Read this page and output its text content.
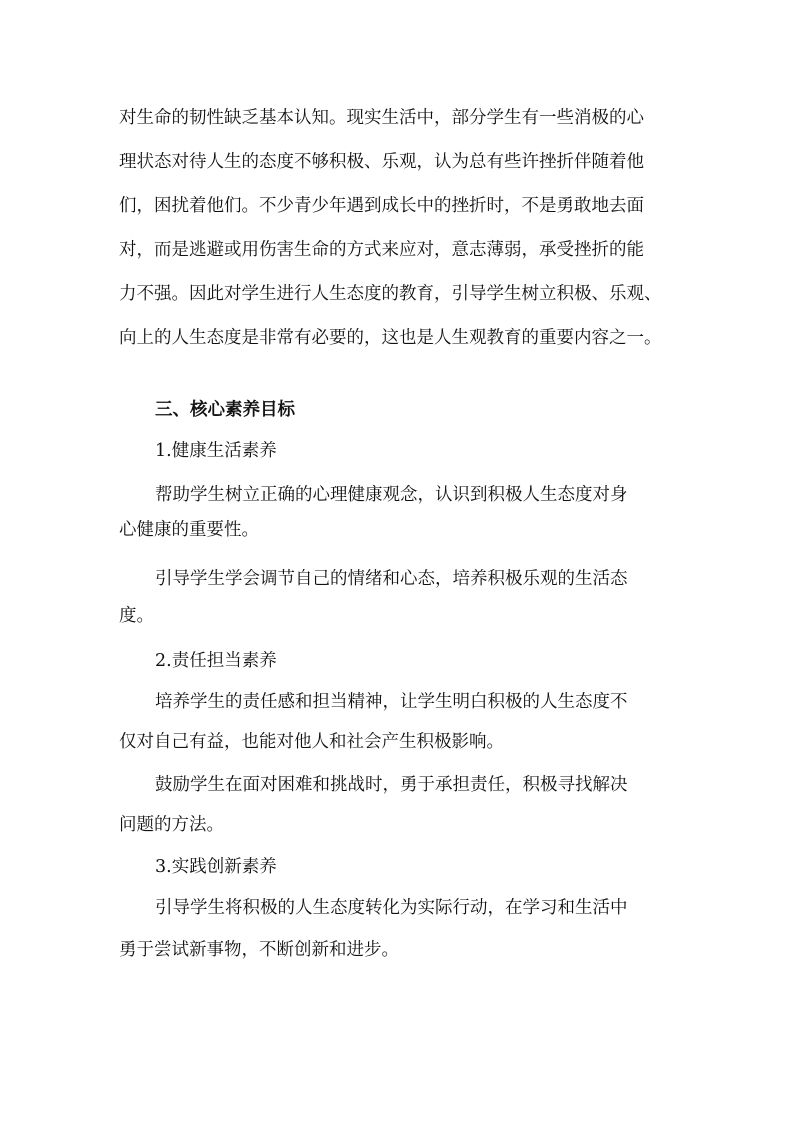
对生命的韧性缺乏基本认知。现实生活中，部分学生有一些消极的心
理状态对待人生的态度不够积极、乐观，认为总有些许挫折伴随着他
们，困扰着他们。不少青少年遇到成长中的挫折时，不是勇敢地去面
对，而是逃避或用伤害生命的方式来应对，意志薄弱，承受挫折的能
力不强。因此对学生进行人生态度的教育，引导学生树立积极、乐观、
向上的人生态度是非常有必要的，这也是人生观教育的重要内容之一。
三、核心素养目标
1.健康生活素养
帮助学生树立正确的心理健康观念，认识到积极人生态度对身
心健康的重要性。
引导学生学会调节自己的情绪和心态，培养积极乐观的生活态
度。
2.责任担当素养
培养学生的责任感和担当精神，让学生明白积极的人生态度不
仅对自己有益，也能对他人和社会产生积极影响。
鼓励学生在面对困难和挑战时，勇于承担责任，积极寻找解决
问题的方法。
3.实践创新素养
引导学生将积极的人生态度转化为实际行动，在学习和生活中
勇于尝试新事物，不断创新和进步。
